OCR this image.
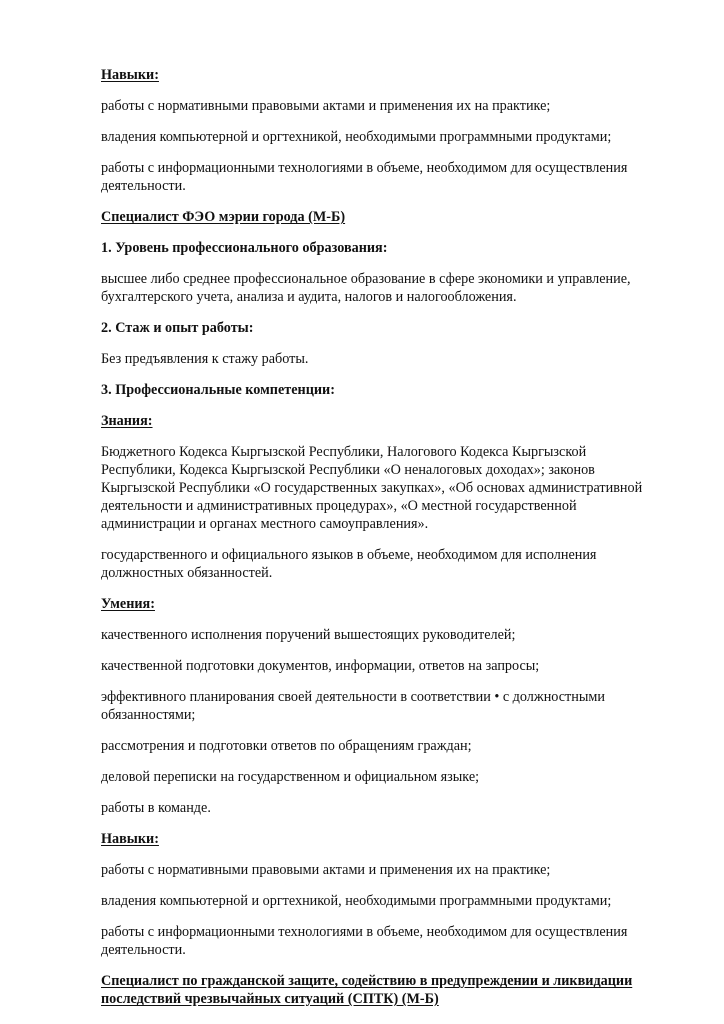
Навыки:

работы с нормативными правовыми актами и применения их на практике;

владения компьютерной и оргтехникой, необходимыми программными продуктами;

работы с информационными технологиями в объеме, необходимом для осуществления деятельности.

Специалист ФЭО мэрии города (М-Б)

1. Уровень профессионального образования:

высшее либо среднее профессиональное образование в сфере экономики и управление, бухгалтерского учета, анализа и аудита, налогов и налогообложения.

2. Стаж и опыт работы:

Без предъявления к стажу работы.

3. Профессиональные компетенции:

Знания:

Бюджетного Кодекса Кыргызской Республики, Налогового Кодекса Кыргызской Республики, Кодекса Кыргызской Республики «О неналоговых доходах»; законов Кыргызской Республики «О государственных закупках», «Об основах административной деятельности и административных процедурах», «О местной государственной администрации и органах местного самоуправления».

государственного и официального языков в объеме, необходимом для исполнения должностных обязанностей.

Умения:

качественного исполнения поручений вышестоящих руководителей;

качественной подготовки документов, информации, ответов на запросы;

эффективного планирования своей деятельности в соответствии • с должностными обязанностями;

рассмотрения и подготовки ответов по обращениям граждан;

деловой переписки на государственном и официальном языке;

работы в команде.

Навыки:

работы с нормативными правовыми актами и применения их на практике;

владения компьютерной и оргтехникой, необходимыми программными продуктами;

работы с информационными технологиями в объеме, необходимом для осуществления деятельности.

Специалист по гражданской защите, содействию в предупреждении и ликвидации последствий чрезвычайных ситуаций (СПТК) (М-Б)
